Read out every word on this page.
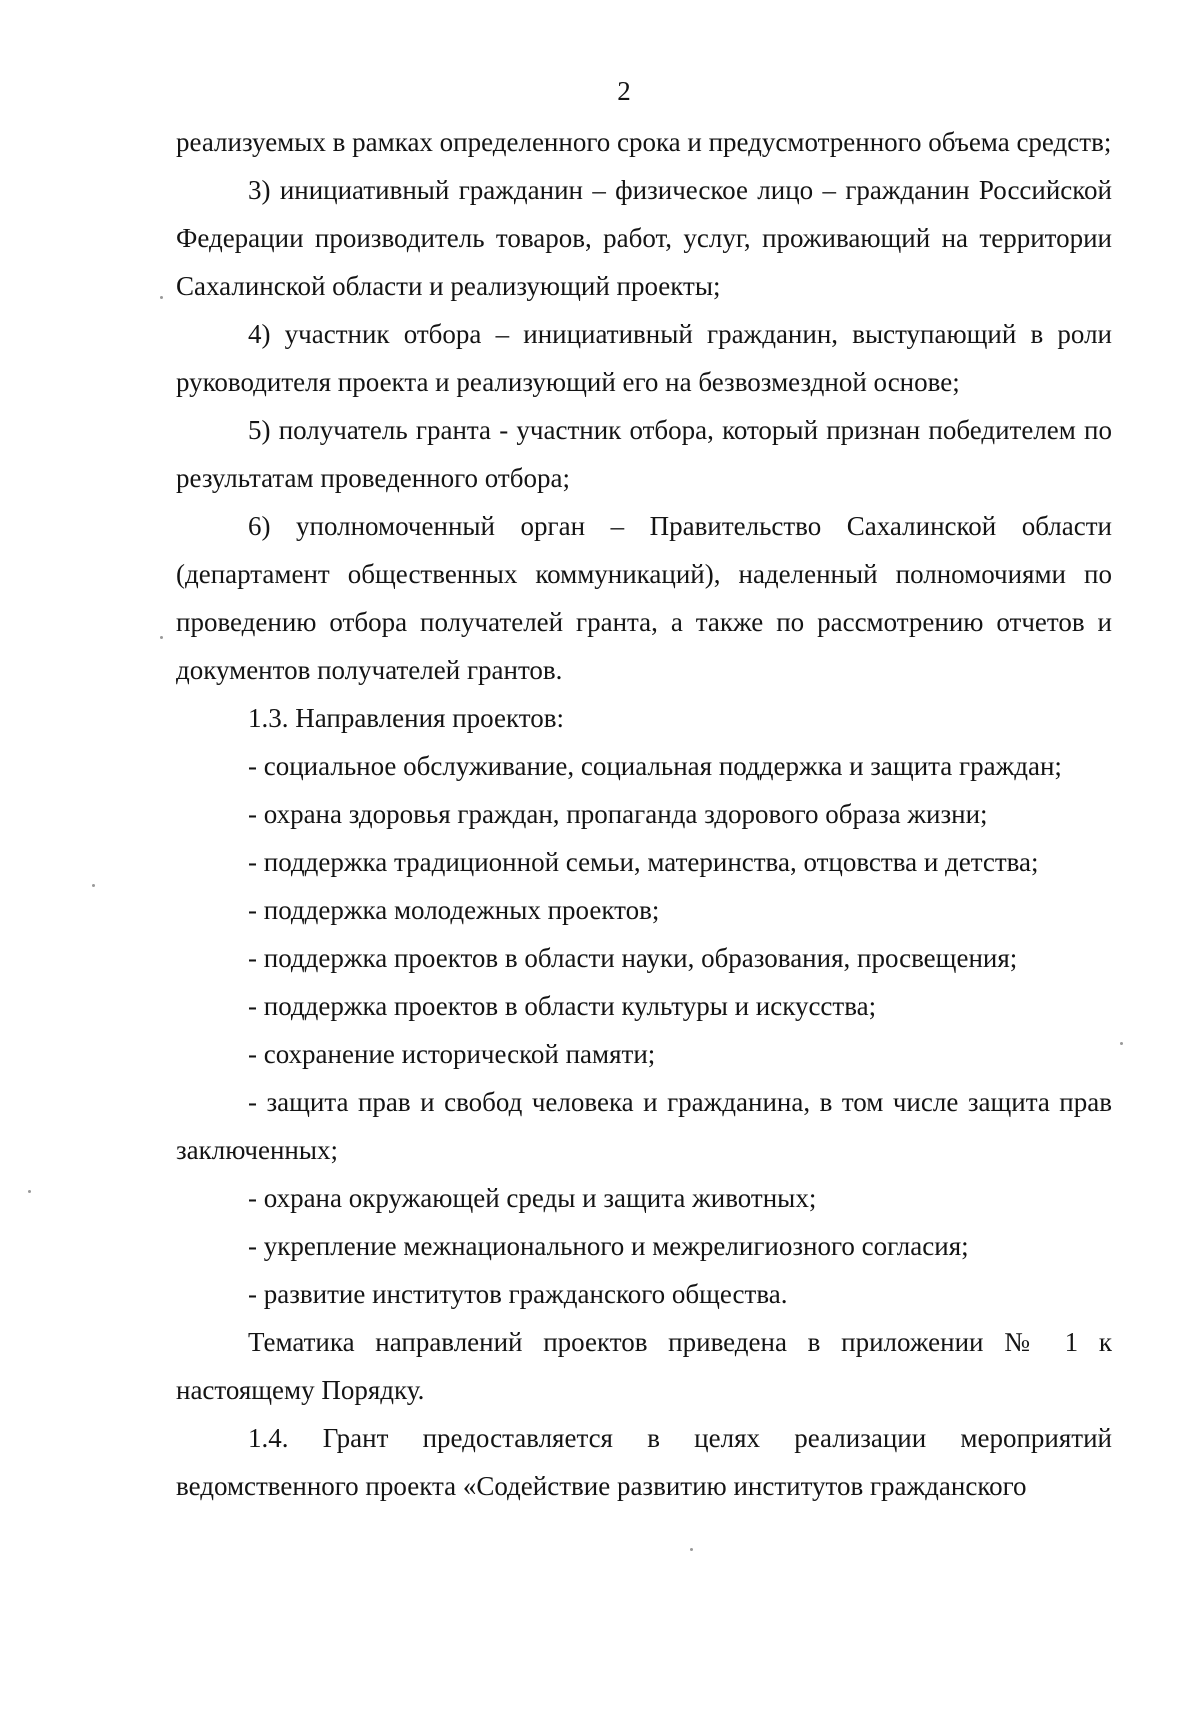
2

реализуемых в рамках определенного срока и предусмотренного объема средств;

3) инициативный гражданин – физическое лицо – гражданин Российской Федерации производитель товаров, работ, услуг, проживающий на территории Сахалинской области и реализующий проекты;

4) участник отбора – инициативный гражданин, выступающий в роли руководителя проекта и реализующий его на безвозмездной основе;

5) получатель гранта - участник отбора, который признан победителем по результатам проведенного отбора;

6) уполномоченный орган – Правительство Сахалинской области (департамент общественных коммуникаций), наделенный полномочиями по проведению отбора получателей гранта, а также по рассмотрению отчетов и документов получателей грантов.

1.3. Направления проектов:

- социальное обслуживание, социальная поддержка и защита граждан;

- охрана здоровья граждан, пропаганда здорового образа жизни;

- поддержка традиционной семьи, материнства, отцовства и детства;

- поддержка молодежных проектов;

- поддержка проектов в области науки, образования, просвещения;

- поддержка проектов в области культуры и искусства;

- сохранение исторической памяти;

- защита прав и свобод человека и гражданина, в том числе защита прав заключенных;

- охрана окружающей среды и защита животных;

- укрепление межнационального и межрелигиозного согласия;

- развитие институтов гражданского общества.

Тематика направлений проектов приведена в приложении № 1 к настоящему Порядку.

1.4. Грант предоставляется в целях реализации мероприятий ведомственного проекта «Содействие развитию институтов гражданского
